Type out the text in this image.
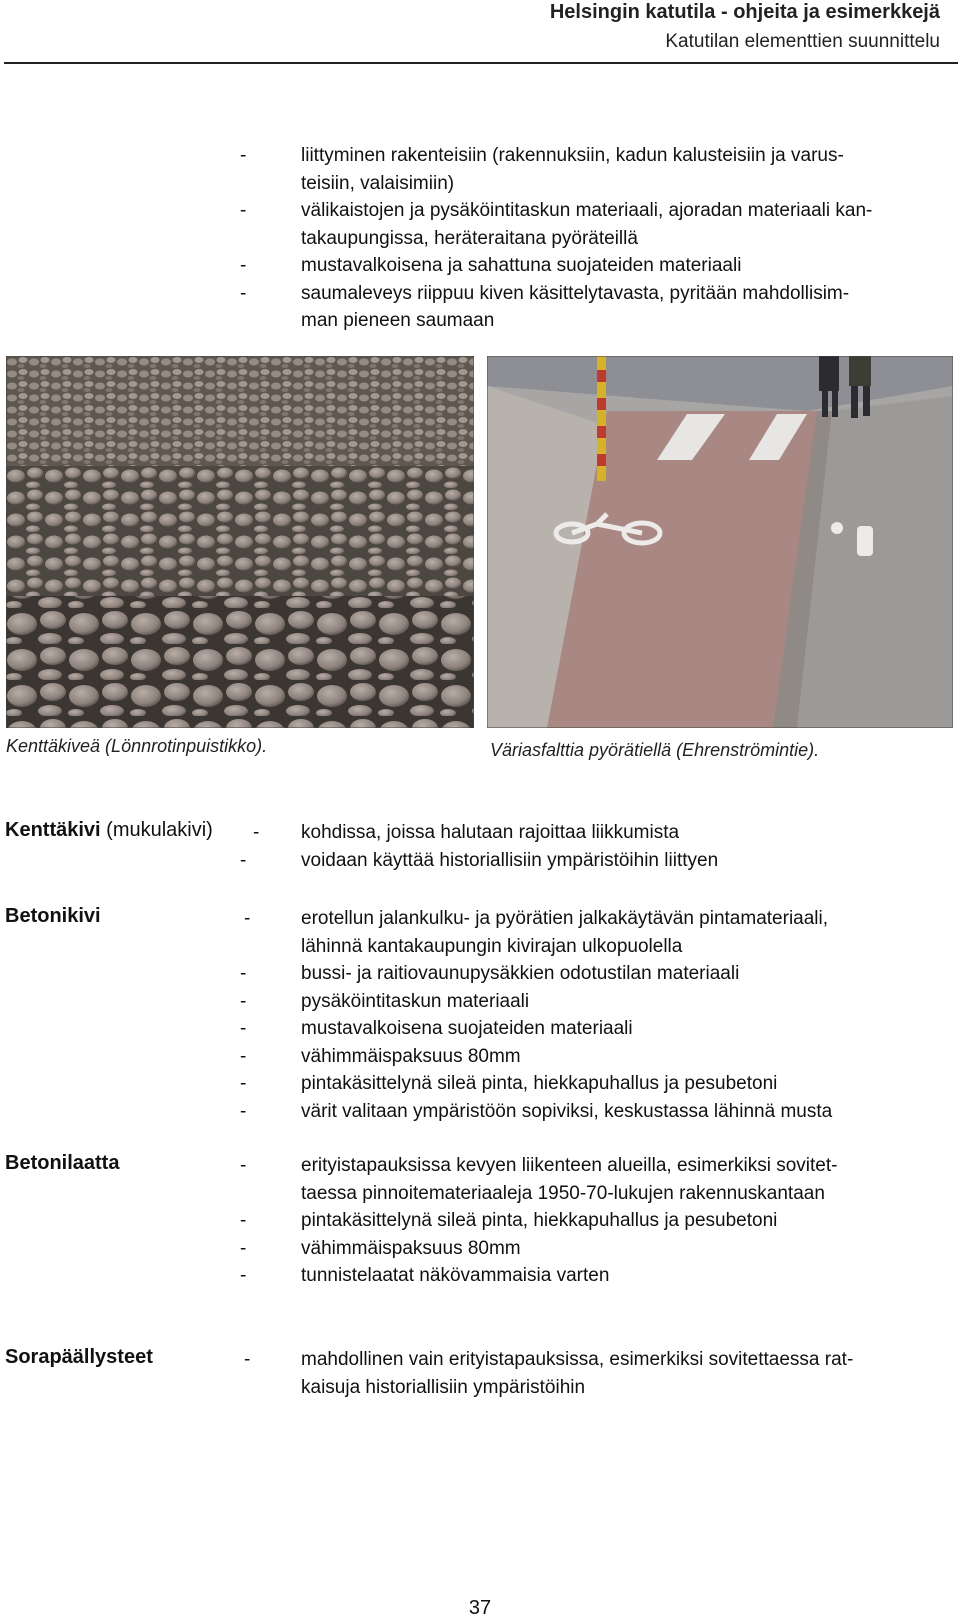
Helsingin katutila - ohjeita ja esimerkkejä
Katutilan elementtien suunnittelu
-	liittyminen rakenteisiin (rakennuksiin, kadun kalusteisiin ja varus-
teisiin, valaisimiin)
-	välikaistojen ja pysäköintitaskun materiaali, ajoradan materiaali kan-
takaupungissa, heräteraitana pyöräteillä
-	mustavalkoisena ja sahattuna suojateiden materiaali
-	saumaleveys riippuu kiven käsittelytavasta, pyritään mahdollisim-
man pieneen saumaan
Kenttäkiveä (Lönnrotinpuistikko).	Väriasfalttia pyörätiellä (Ehrenströmintie).
Kenttäkivi (mukulakivi) - kohdissa, joissa halutaan rajoittaa liikkumista
-	voidaan käyttää historiallisiin ympäristöihin liittyen
Betonikivi	-	erotellun jalankulku- ja pyörätien jalkakäytävän pintamateriaali,
lähinnä kantakaupungin kivirajan ulkopuolella
-	bussi- ja raitiovaunupysäkkien odotustilan materiaali
-	pysäköintitaskun materiaali
-	mustavalkoisena suojateiden materiaali
-	vähimmäispaksuus 80mm
-	pintakäsittelynä sileä pinta, hiekkapuhallus ja pesubetoni
-	värit valitaan ympäristöön sopiviksi, keskustassa lähinnä musta
Betonilaatta	-	erityistapauksissa kevyen liikenteen alueilla, esimerkiksi sovitet-
taessa pinnoitemateriaaleja 1950-70-lukujen rakennuskantaan
-	pintakäsittelynä sileä pinta, hiekkapuhallus ja pesubetoni
-	vähimmäispaksuus 80mm
-	tunnistelaatat näkövammaisia varten
Sorapäällysteet	-	mahdollinen vain erityistapauksissa, esimerkiksi sovitettaessa rat-
kaisuja historiallisiin ympäristöihin
37
